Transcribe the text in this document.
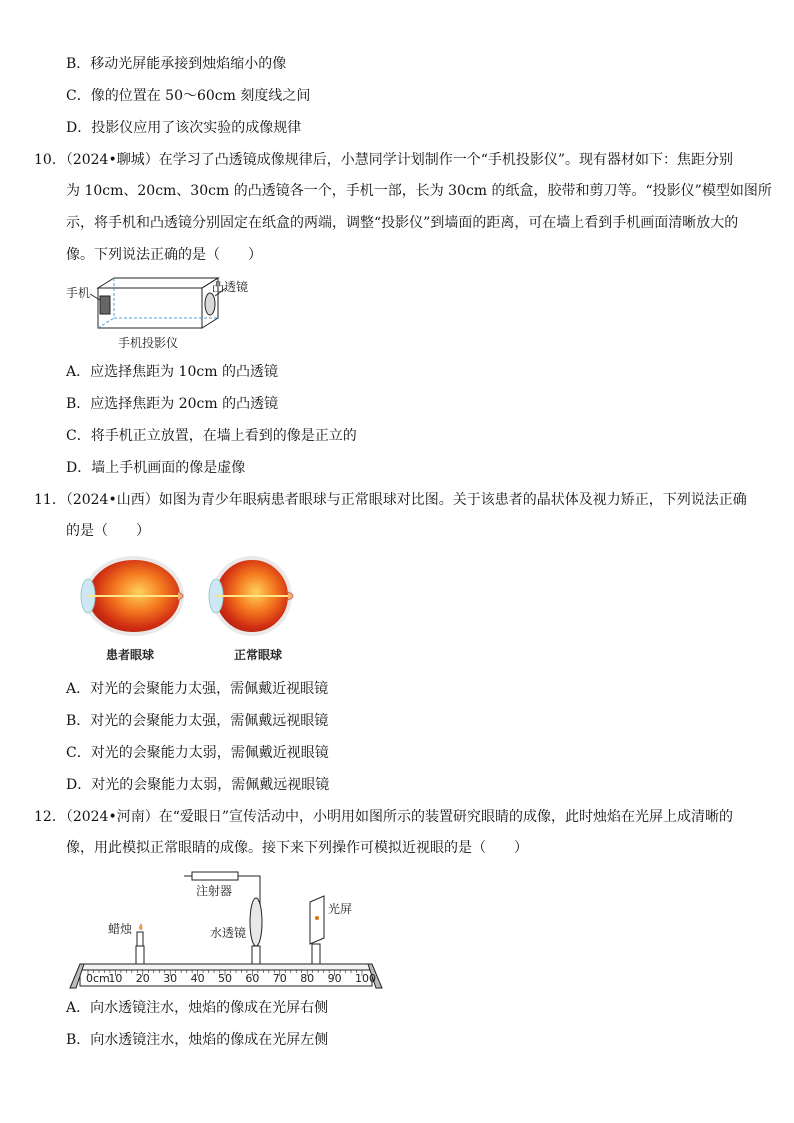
B．移动光屏能承接到烛焰缩小的像
C．像的位置在 50～60cm 刻度线之间
D．投影仪应用了该次实验的成像规律
10．（2024•聊城）在学习了凸透镜成像规律后，小慧同学计划制作一个“手机投影仪”。现有器材如下：焦距分别
为 10cm、20cm、30cm 的凸透镜各一个，手机一部，长为 30cm 的纸盒，胶带和剪刀等。“投影仪”模型如图所
示，将手机和凸透镜分别固定在纸盒的两端，调整“投影仪”到墙面的距离，可在墙上看到手机画面清晰放大的
像。下列说法正确的是（　　）
手机	凸透镜
手机投影仪
A．应选择焦距为 10cm 的凸透镜
B．应选择焦距为 20cm 的凸透镜
C．将手机正立放置，在墙上看到的像是正立的
D．墙上手机画面的像是虚像
11．（2024•山西）如图为青少年眼病患者眼球与正常眼球对比图。关于该患者的晶状体及视力矫正，下列说法正确
的是（　　）
患者眼球	正常眼球
A．对光的会聚能力太强，需佩戴近视眼镜
B．对光的会聚能力太强，需佩戴远视眼镜
C．对光的会聚能力太弱，需佩戴近视眼镜
D．对光的会聚能力太弱，需佩戴远视眼镜
12．（2024•河南）在“爱眼日”宣传活动中，小明用如图所示的装置研究眼睛的成像，此时烛焰在光屏上成清晰的
像，用此模拟正常眼睛的成像。接下来下列操作可模拟近视眼的是（　　）
注射器
蜡烛	水透镜
光屏
0cm
10 20 30 40 50 60 70 80 90 100
A．向水透镜注水，烛焰的像成在光屏右侧
B．向水透镜注水，烛焰的像成在光屏左侧
